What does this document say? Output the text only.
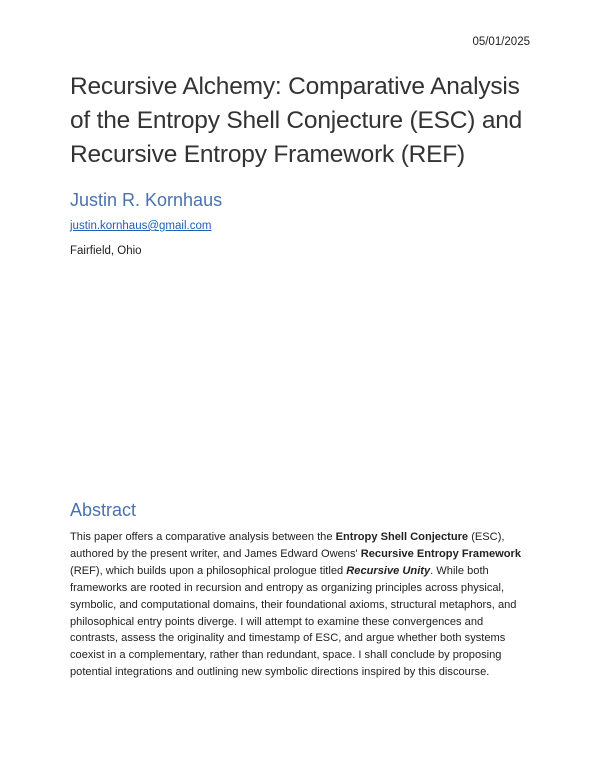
05/01/2025
Recursive Alchemy: Comparative Analysis
of the Entropy Shell Conjecture (ESC) and
Recursive Entropy Framework (REF)
Justin R. Kornhaus
justin.kornhaus@gmail.com
Fairfield, Ohio
Abstract

This paper offers a comparative analysis between the Entropy Shell Conjecture (ESC), authored by the present writer, and James Edward Owens' Recursive Entropy Framework (REF), which builds upon a philosophical prologue titled Recursive Unity. While both frameworks are rooted in recursion and entropy as organizing principles across physical, symbolic, and computational domains, their foundational axioms, structural metaphors, and philosophical entry points diverge. I will attempt to examine these convergences and contrasts, assess the originality and timestamp of ESC, and argue whether both systems coexist in a complementary, rather than redundant, space. I shall conclude by proposing potential integrations and outlining new symbolic directions inspired by this discourse.
